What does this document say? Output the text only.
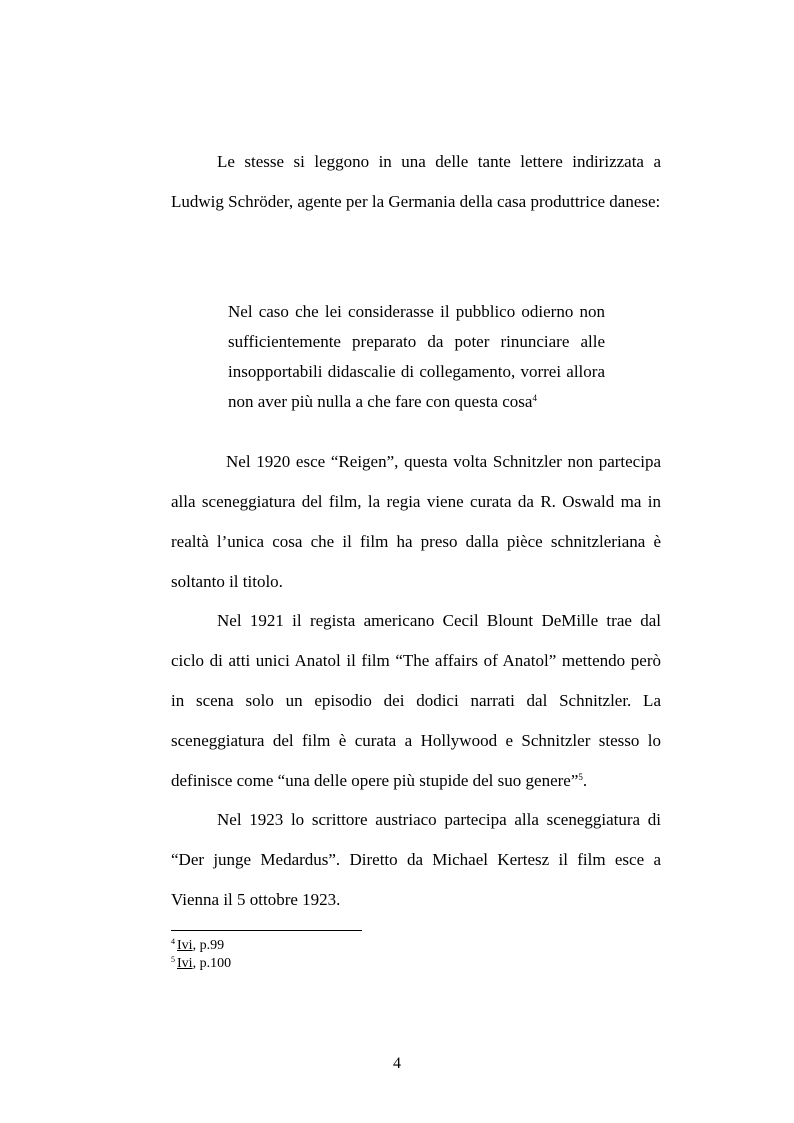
Le stesse si leggono in una delle tante lettere indirizzata a Ludwig Schröder, agente per la Germania della casa produttrice danese:

Nel caso che lei considerasse il pubblico odierno non sufficientemente preparato da poter rinunciare alle insopportabili didascalie di collegamento, vorrei allora non aver più nulla a che fare con questa cosa$^4$

Nel 1920 esce “Reigen”, questa volta Schnitzler non partecipa alla sceneggiatura del film, la regia viene curata da R. Oswald ma in realtà l’unica cosa che il film ha preso dalla pièce schnitzleriana è soltanto il titolo.

Nel 1921 il regista americano Cecil Blount DeMille trae dal ciclo di atti unici Anatol il film “The affairs of Anatol” mettendo però in scena solo un episodio dei dodici narrati dal Schnitzler. La sceneggiatura del film è curata a Hollywood e Schnitzler stesso lo definisce come “una delle opere più stupide del suo genere”$^5$.

Nel 1923 lo scrittore austriaco partecipa alla sceneggiatura di “Der junge Medardus”. Diretto da Michael Kertesz il film esce a Vienna il 5 ottobre 1923.

$^4$ Ivi, p.99

$^5$ Ivi, p.100

4
